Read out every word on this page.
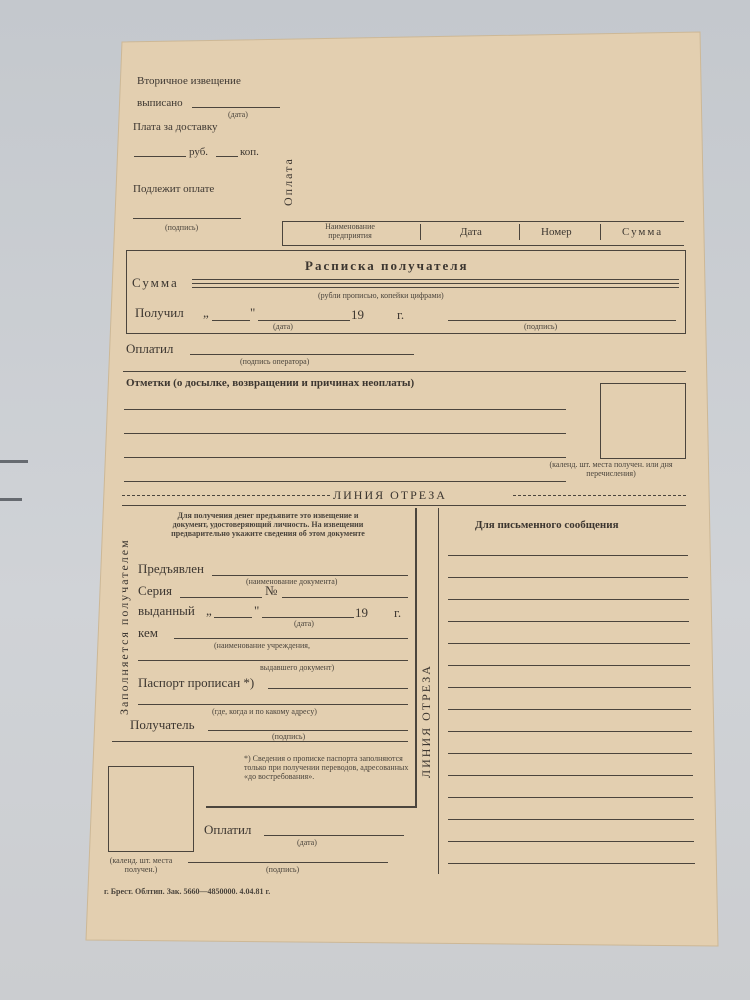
Вторичное извещение
выписано
(дата)
Плата за доставку
руб.	коп.
Подлежит оплате
(подпись)
Оплата
Наименование предприятия	Дата	Номер	Сумма
Расписка получателя
Сумма
(рубли прописью, копейки цифрами)
Получил „	"	19	г.
(дата)	(подпись)
Оплатил
(подпись оператора)
Отметки (о досылке, возвращении и причинах неоплаты)
(календ. шт. места получен. или дня перечисления)
ЛИНИЯ ОТРЕЗА
Для получения денег предъявите это извещение и документ, удостоверяющий личность. На извещении предварительно укажите сведения об этом документе
Заполняется получателем Предъявлен
(наименование документа)
Серия	№
выданный „	"	19 г.
(дата)
кем
(наименование учреждения,
выдавшего документ)
Паспорт прописан *)
(где, когда и по какому адресу)
Получатель
(подпись)
*) Сведения о прописке паспорта заполняются только при получении переводов, адресованных «до востребования».
Оплатил
(дата)
(календ. шт. места получен.)	(подпись)
г. Брест. Облтип. Зак. 5660—4850000. 4.04.81 г.
ЛИНИЯ ОТРЕЗА
Для письменного сообщения
